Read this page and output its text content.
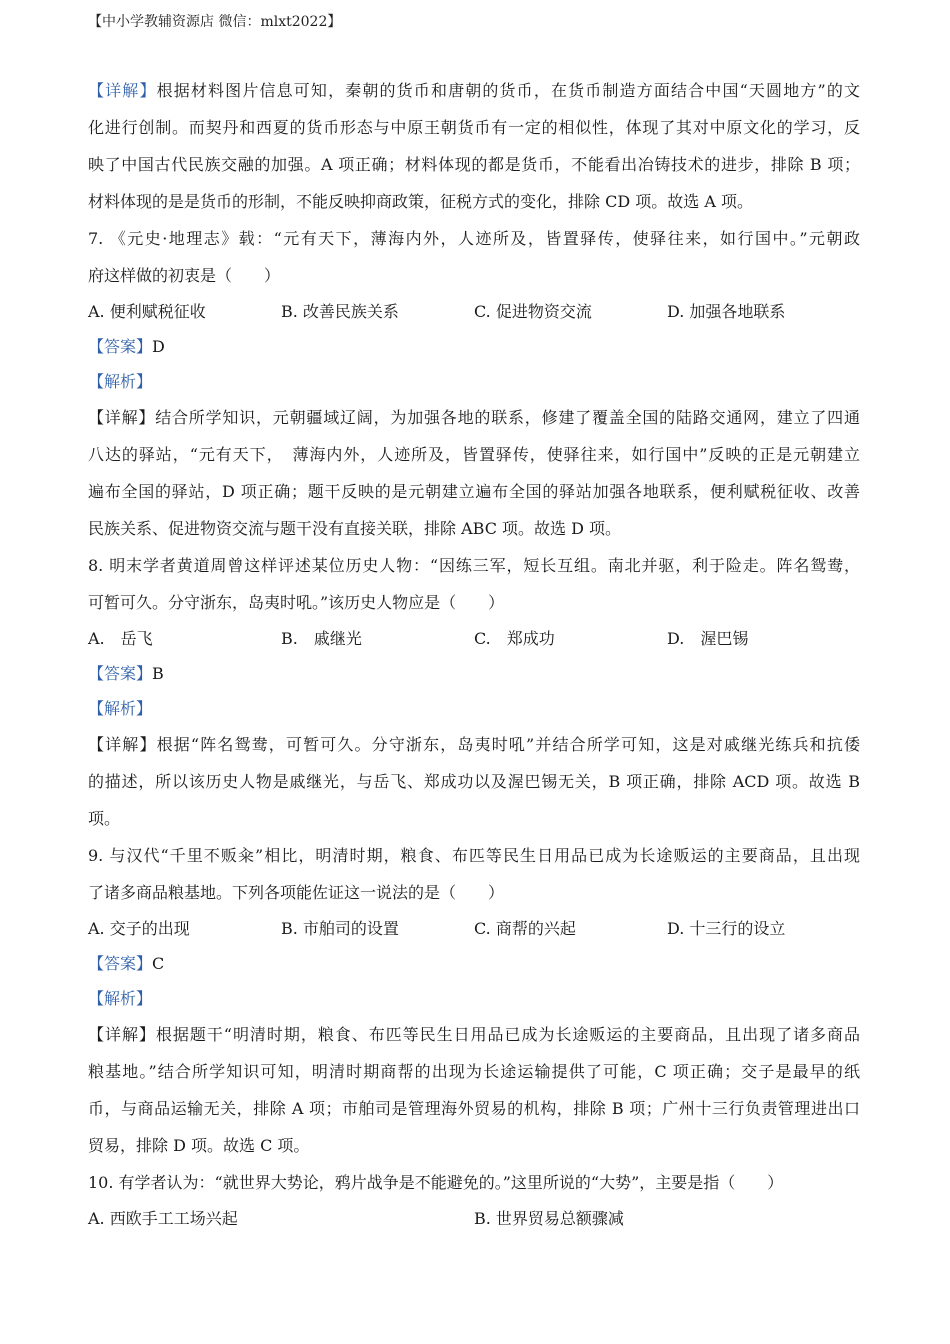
【中小学教辅资源店 微信：mlxt2022】
【详解】根据材料图片信息可知，秦朝的货币和唐朝的货币，在货币制造方面结合中国“天圆地方”的文
化进行创制。而契丹和西夏的货币形态与中原王朝货币有一定的相似性，体现了其对中原文化的学习，反
映了中国古代民族交融的加强。A 项正确；材料体现的都是货币，不能看出冶铸技术的进步，排除 B 项；
材料体现的是是货币的形制，不能反映抑商政策，征税方式的变化，排除 CD 项。故选 A 项。
7. 《元史·地理志》载：“元有天下，薄海内外，人迹所及，皆置驿传，使驿往来，如行国中。”元朝政
府这样做的初衷是（　　）
A. 便利赋税征收	B. 改善民族关系	C. 促进物资交流	D. 加强各地联系
【答案】D
【解析】
【详解】结合所学知识，元朝疆域辽阔，为加强各地的联系，修建了覆盖全国的陆路交通网，建立了四通
八达的驿站，“元有天下，　薄海内外，人迹所及，皆置驿传，使驿往来，如行国中”反映的正是元朝建立
遍布全国的驿站，D 项正确；题干反映的是元朝建立遍布全国的驿站加强各地联系，便利赋税征收、改善
民族关系、促进物资交流与题干没有直接关联，排除 ABC 项。故选 D 项。
8. 明末学者黄道周曾这样评述某位历史人物：“因练三军，短长互组。南北并驱，利于险走。阵名鸳鸯，
可暂可久。分守浙东，岛夷时吼。”该历史人物应是（　　）
A.　岳飞	B.　戚继光	C.　郑成功	D.　渥巴锡
【答案】B
【解析】
【详解】根据“阵名鸳鸯，可暂可久。分守浙东，岛夷时吼”并结合所学可知，这是对戚继光练兵和抗倭
的描述，所以该历史人物是戚继光，与岳飞、郑成功以及渥巴锡无关，B 项正确，排除 ACD 项。故选 B
项。
9. 与汉代“千里不贩籴”相比，明清时期，粮食、布匹等民生日用品已成为长途贩运的主要商品，且出现
了诸多商品粮基地。下列各项能佐证这一说法的是（　　）
A. 交子的出现	B. 市舶司的设置	C. 商帮的兴起	D. 十三行的设立
【答案】C
【解析】
【详解】根据题干“明清时期，粮食、布匹等民生日用品已成为长途贩运的主要商品，且出现了诸多商品
粮基地。”结合所学知识可知，明清时期商帮的出现为长途运输提供了可能，C 项正确；交子是最早的纸
币，与商品运输无关，排除 A 项；市舶司是管理海外贸易的机构，排除 B 项；广州十三行负责管理进出口
贸易，排除 D 项。故选 C 项。
10. 有学者认为：“就世界大势论，鸦片战争是不能避免的。”这里所说的“大势”，主要是指（　　）
A. 西欧手工工场兴起	B. 世界贸易总额骤减
